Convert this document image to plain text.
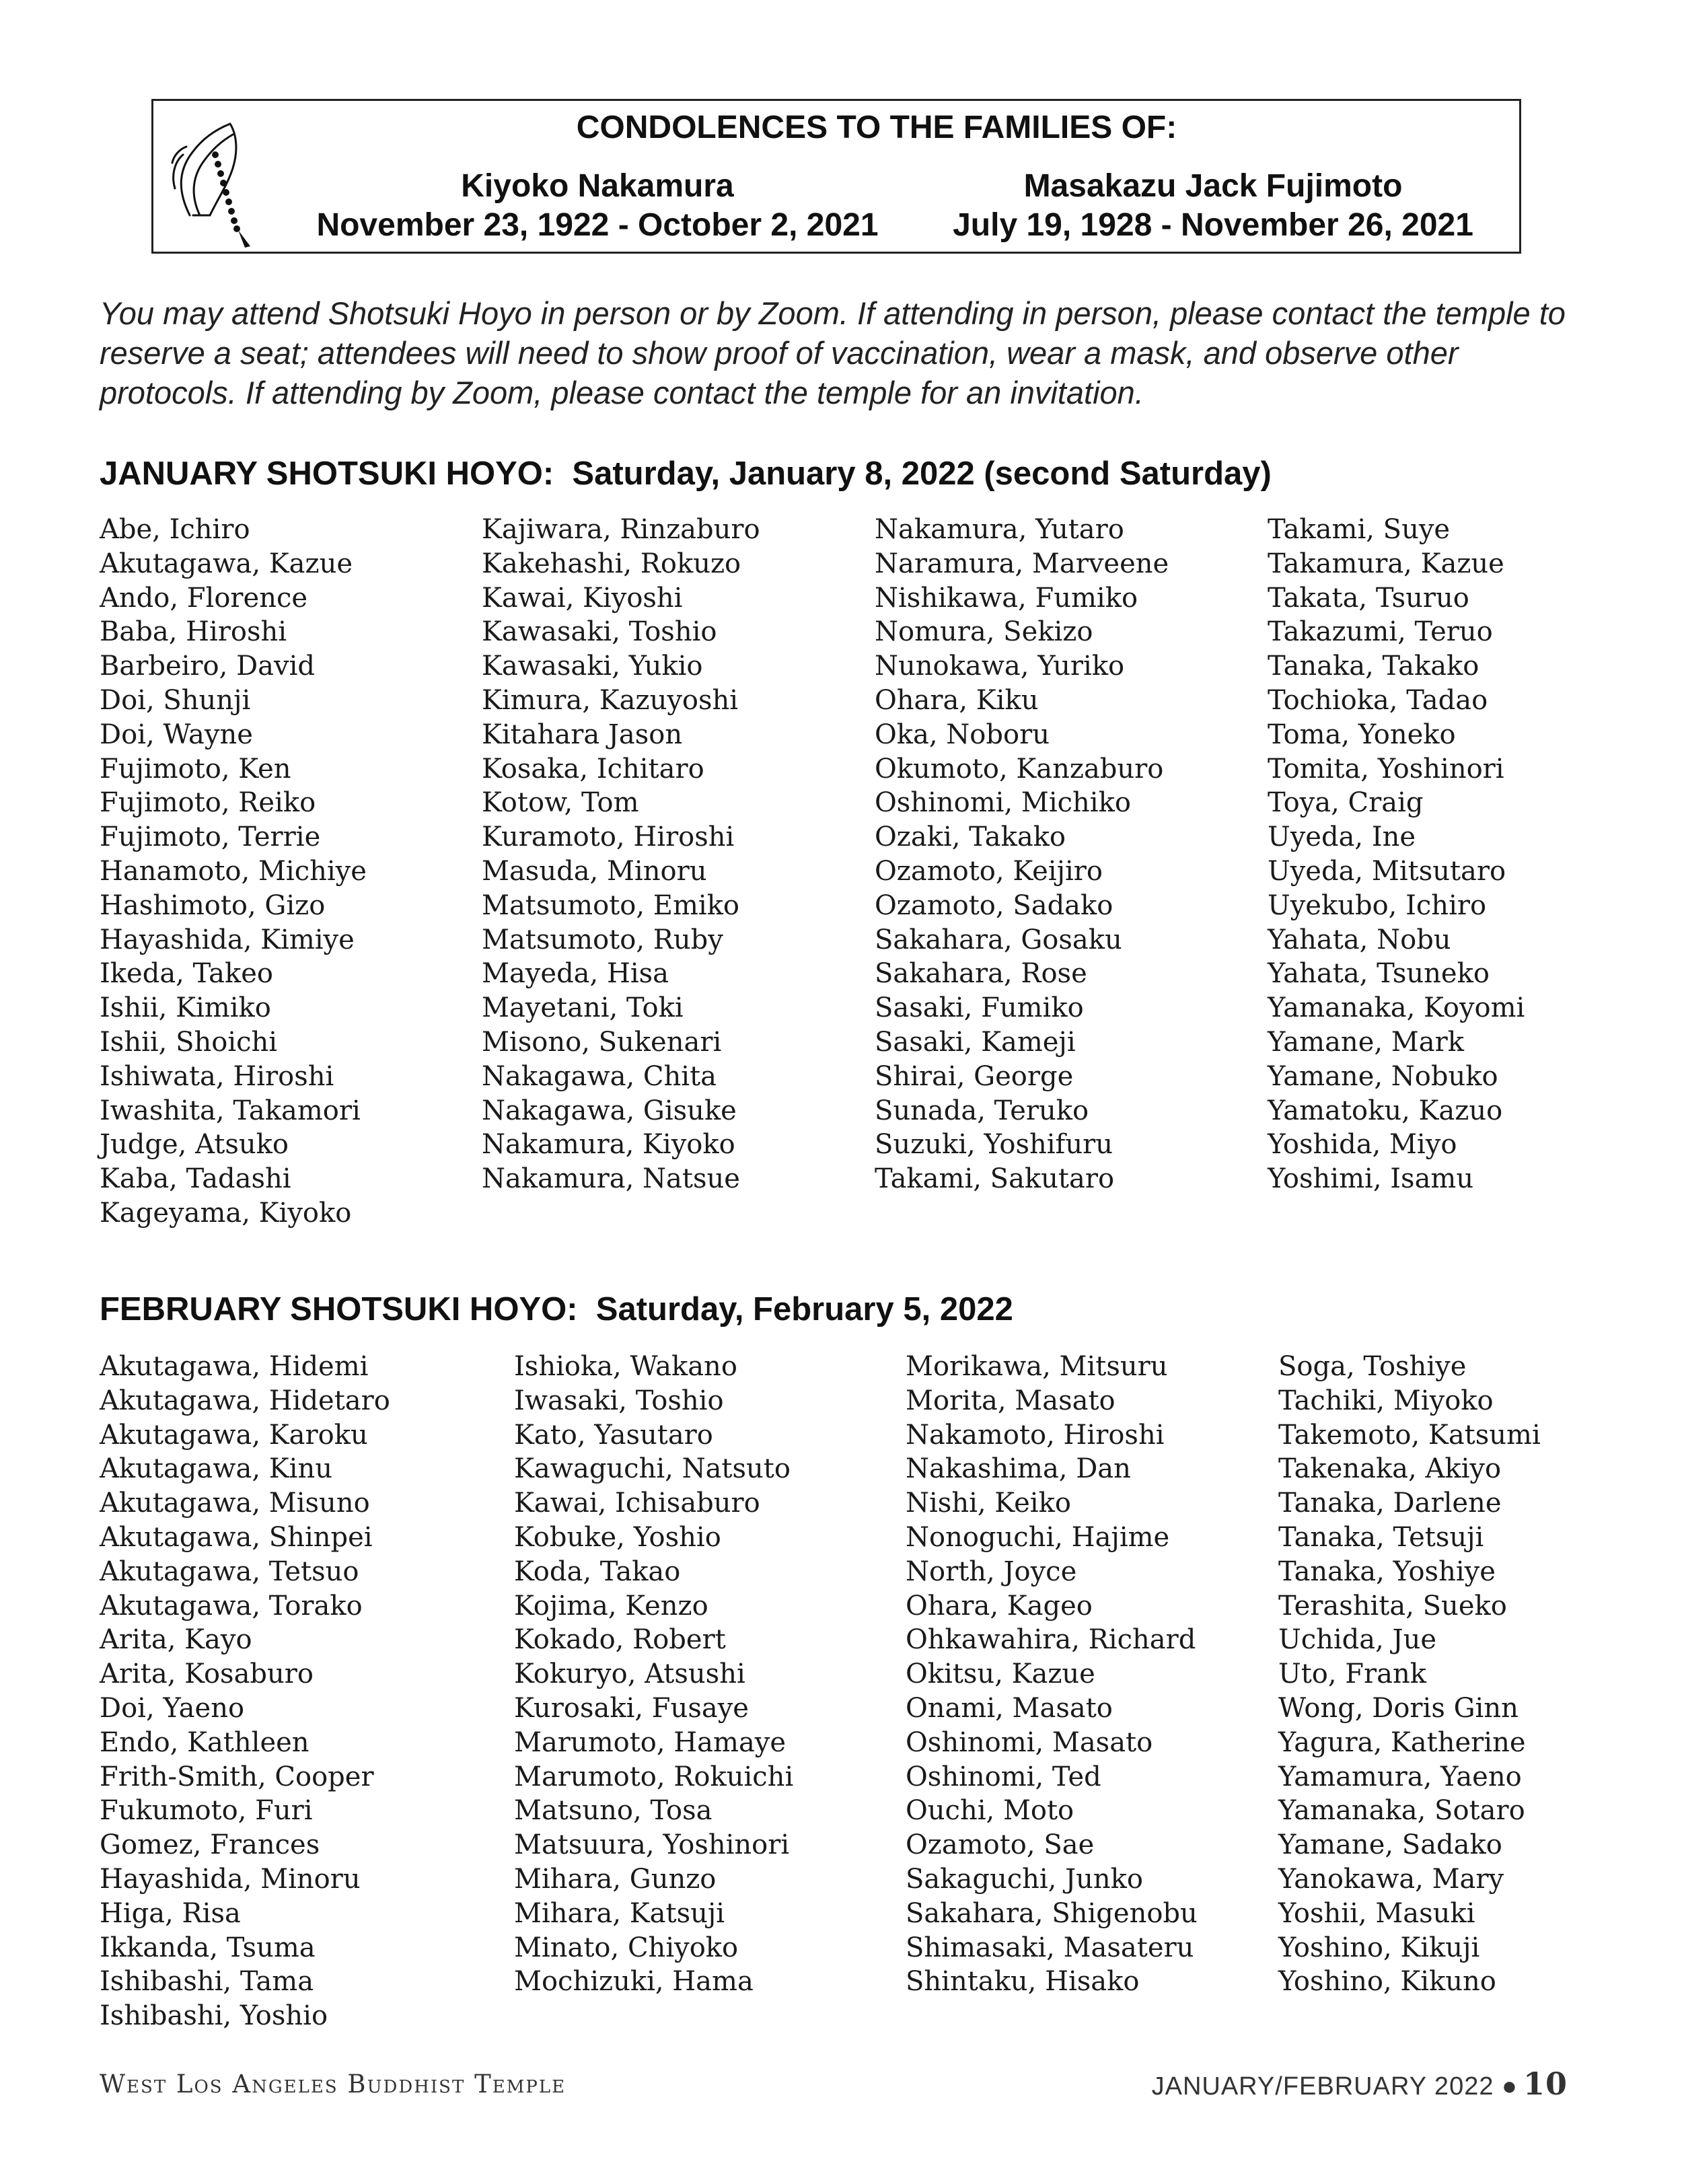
CONDOLENCES TO THE FAMILIES OF:
Kiyoko Nakamura
November 23, 1922 - October 2, 2021
Masakazu Jack Fujimoto
July 19, 1928 - November 26, 2021

You may attend Shotsuki Hoyo in person or by Zoom. If attending in person, please contact the temple to reserve a seat; attendees will need to show proof of vaccination, wear a mask, and observe other protocols. If attending by Zoom, please contact the temple for an invitation.

JANUARY SHOTSUKI HOYO:  Saturday, January 8, 2022 (second Saturday)
Abe, Ichiro
Akutagawa, Kazue
Ando, Florence
Baba, Hiroshi
Barbeiro, David
Doi, Shunji
Doi, Wayne
Fujimoto, Ken
Fujimoto, Reiko
Fujimoto, Terrie
Hanamoto, Michiye
Hashimoto, Gizo
Hayashida, Kimiye
Ikeda, Takeo
Ishii, Kimiko
Ishii, Shoichi
Ishiwata, Hiroshi
Iwashita, Takamori
Judge, Atsuko
Kaba, Tadashi
Kageyama, Kiyoko
Kajiwara, Rinzaburo
Kakehashi, Rokuzo
Kawai, Kiyoshi
Kawasaki, Toshio
Kawasaki, Yukio
Kimura, Kazuyoshi
Kitahara Jason
Kosaka, Ichitaro
Kotow, Tom
Kuramoto, Hiroshi
Masuda, Minoru
Matsumoto, Emiko
Matsumoto, Ruby
Mayeda, Hisa
Mayetani, Toki
Misono, Sukenari
Nakagawa, Chita
Nakagawa, Gisuke
Nakamura, Kiyoko
Nakamura, Natsue
Nakamura, Yutaro
Naramura, Marveene
Nishikawa, Fumiko
Nomura, Sekizo
Nunokawa, Yuriko
Ohara, Kiku
Oka, Noboru
Okumoto, Kanzaburo
Oshinomi, Michiko
Ozaki, Takako
Ozamoto, Keijiro
Ozamoto, Sadako
Sakahara, Gosaku
Sakahara, Rose
Sasaki, Fumiko
Sasaki, Kameji
Shirai, George
Sunada, Teruko
Suzuki, Yoshifuru
Takami, Sakutaro
Takami, Suye
Takamura, Kazue
Takata, Tsuruo
Takazumi, Teruo
Tanaka, Takako
Tochioka, Tadao
Toma, Yoneko
Tomita, Yoshinori
Toya, Craig
Uyeda, Ine
Uyeda, Mitsutaro
Uyekubo, Ichiro
Yahata, Nobu
Yahata, Tsuneko
Yamanaka, Koyomi
Yamane, Mark
Yamane, Nobuko
Yamatoku, Kazuo
Yoshida, Miyo
Yoshimi, Isamu
FEBRUARY SHOTSUKI HOYO:  Saturday, February 5, 2022
Akutagawa, Hidemi
Akutagawa, Hidetaro
Akutagawa, Karoku
Akutagawa, Kinu
Akutagawa, Misuno
Akutagawa, Shinpei
Akutagawa, Tetsuo
Akutagawa, Torako
Arita, Kayo
Arita, Kosaburo
Doi, Yaeno
Endo, Kathleen
Frith-Smith, Cooper
Fukumoto, Furi
Gomez, Frances
Hayashida, Minoru
Higa, Risa
Ikkanda, Tsuma
Ishibashi, Tama
Ishibashi, Yoshio
Ishioka, Wakano
Iwasaki, Toshio
Kato, Yasutaro
Kawaguchi, Natsuto
Kawai, Ichisaburo
Kobuke, Yoshio
Koda, Takao
Kojima, Kenzo
Kokado, Robert
Kokuryo, Atsushi
Kurosaki, Fusaye
Marumoto, Hamaye
Marumoto, Rokuichi
Matsuno, Tosa
Matsuura, Yoshinori
Mihara, Gunzo
Mihara, Katsuji
Minato, Chiyoko
Mochizuki, Hama
Morikawa, Mitsuru
Morita, Masato
Nakamoto, Hiroshi
Nakashima, Dan
Nishi, Keiko
Nonoguchi, Hajime
North, Joyce
Ohara, Kageo
Ohkawahira, Richard
Okitsu, Kazue
Onami, Masato
Oshinomi, Masato
Oshinomi, Ted
Ouchi, Moto
Ozamoto, Sae
Sakaguchi, Junko
Sakahara, Shigenobu
Shimasaki, Masateru
Shintaku, Hisako
Soga, Toshiye
Tachiki, Miyoko
Takemoto, Katsumi
Takenaka, Akiyo
Tanaka, Darlene
Tanaka, Tetsuji
Tanaka, Yoshiye
Terashita, Sueko
Uchida, Jue
Uto, Frank
Wong, Doris Ginn
Yagura, Katherine
Yamamura, Yaeno
Yamanaka, Sotaro
Yamane, Sadako
Yanokawa, Mary
Yoshii, Masuki
Yoshino, Kikuji
Yoshino, Kikuno
West Los Angeles Buddhist Temple	JANUARY/FEBRUARY 2022 ● 10
